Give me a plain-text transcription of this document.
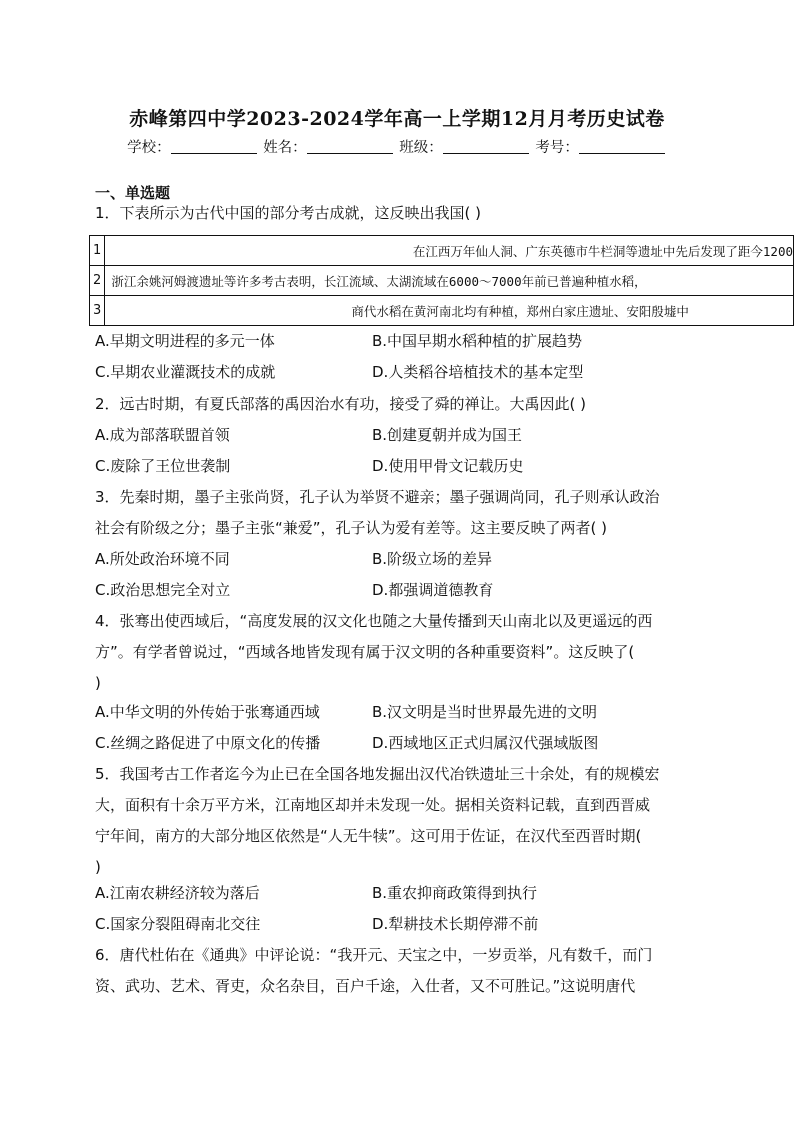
赤峰第四中学2023-2024学年高一上学期12月月考历史试卷
学校：	姓名：	班级：	考号：
一、单选题
1．下表所示为古代中国的部分考古成就，这反映出我国( )
1	在江西万年仙人洞、广东英德市牛栏洞等遗址中先后发现了距今1200

2	浙江余姚河姆渡遗址等许多考古表明，长江流域、太湖流域在6000～7000年前已普遍种植水稻，

3	商代水稻在黄河南北均有种植，郑州白家庄遗址、安阳殷墟中
A.早期文明进程的多元一体	B.中国早期水稻种植的扩展趋势
C.早期农业灌溉技术的成就	D.人类稻谷培植技术的基本定型
2．远古时期，有夏氏部落的禹因治水有功，接受了舜的禅让。大禹因此( )
A.成为部落联盟首领	B.创建夏朝并成为国王
C.废除了王位世袭制	D.使用甲骨文记载历史
3．先秦时期，墨子主张尚贤，孔子认为举贤不避亲；墨子强调尚同，孔子则承认政治
社会有阶级之分；墨子主张“兼爱”，孔子认为爱有差等。这主要反映了两者( )
A.所处政治环境不同	B.阶级立场的差异
C.政治思想完全对立	D.都强调道德教育
4．张骞出使西域后，“高度发展的汉文化也随之大量传播到天山南北以及更遥远的西
方”。有学者曾说过，“西域各地皆发现有属于汉文明的各种重要资料”。这反映了(
)
A.中华文明的外传始于张骞通西域	B.汉文明是当时世界最先进的文明
C.丝绸之路促进了中原文化的传播	D.西域地区正式归属汉代强域版图
5．我国考古工作者迄今为止已在全国各地发掘出汉代冶铁遗址三十余处，有的规模宏
大，面积有十余万平方米，江南地区却并未发现一处。据相关资料记载，直到西晋威
宁年间，南方的大部分地区依然是“人无牛犊”。这可用于佐证，在汉代至西晋时期(
)
A.江南农耕经济较为落后	B.重农抑商政策得到执行
C.国家分裂阻碍南北交往	D.犁耕技术长期停滞不前
6．唐代杜佑在《通典》中评论说：“我开元、天宝之中，一岁贡举，凡有数千，而门
资、武功、艺术、胥吏，众名杂目，百户千途，入仕者，又不可胜记。”这说明唐代
